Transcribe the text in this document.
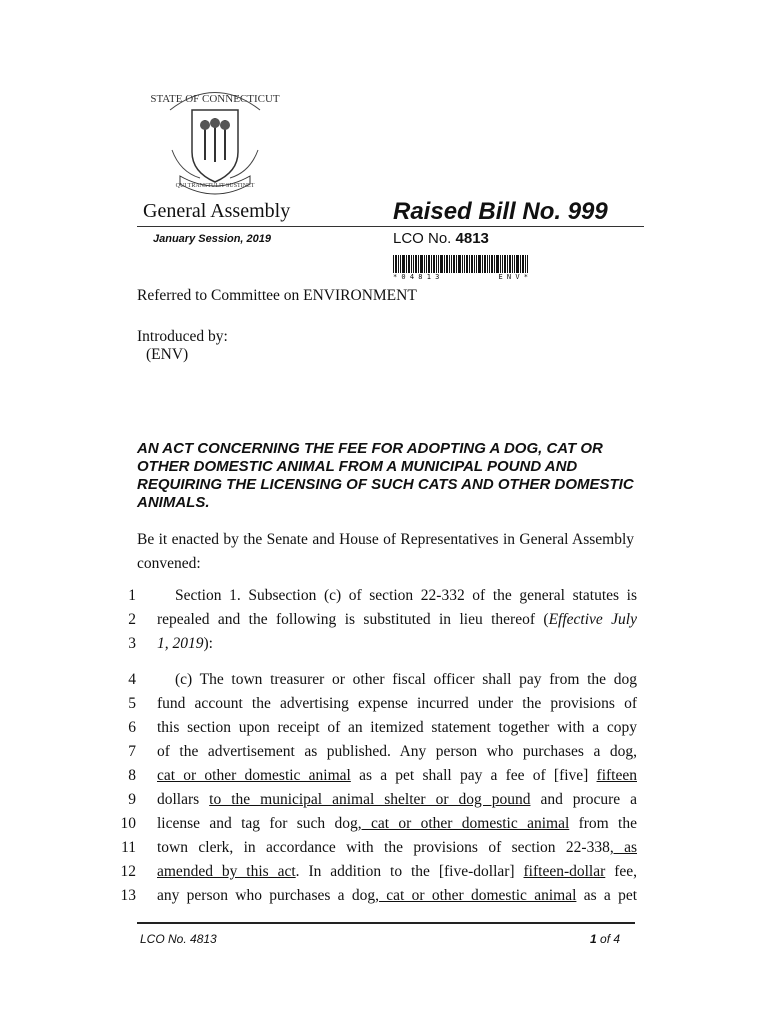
STATE OF CONNECTICUT
QUI TRANSTULIT SUSTINET
General Assembly	Raised Bill No. 999
January Session, 2019	LCO No. 4813
* 0 4 8 1 3	E N V *
Referred to Committee on ENVIRONMENT
Introduced by:
(ENV)
AN ACT CONCERNING THE FEE FOR ADOPTING A DOG, CAT OR OTHER DOMESTIC ANIMAL FROM A MUNICIPAL POUND AND REQUIRING THE LICENSING OF SUCH CATS AND OTHER DOMESTIC ANIMALS.
Be it enacted by the Senate and House of Representatives in General Assembly convened:
1	Section 1. Subsection (c) of section 22-332 of the general statutes is
2 repealed and the following is substituted in lieu thereof (Effective July
3 1, 2019):
4	(c) The town treasurer or other fiscal officer shall pay from the dog
5 fund account the advertising expense incurred under the provisions of
6 this section upon receipt of an itemized statement together with a copy
7 of the advertisement as published. Any person who purchases a dog,
8 cat or other domestic animal as a pet shall pay a fee of [five] fifteen
9 dollars to the municipal animal shelter or dog pound and procure a
10 license and tag for such dog, cat or other domestic animal from the
11 town clerk, in accordance with the provisions of section 22-338, as
12 amended by this act. In addition to the [five-dollar] fifteen-dollar fee,
13 any person who purchases a dog, cat or other domestic animal as a pet
LCO No. 4813	1 of 4
